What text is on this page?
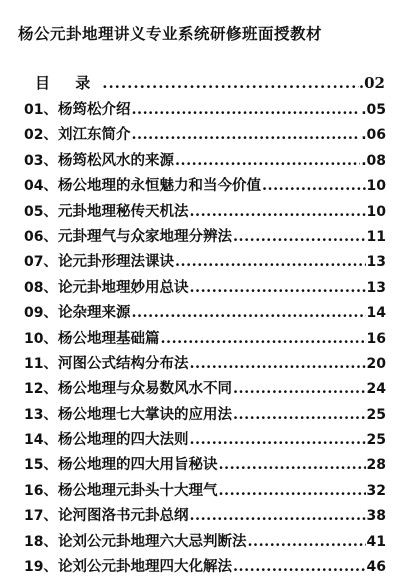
杨公元卦地理讲义专业系统研修班面授教材
目 录 .....	.02
01、 杨筠松介绍 .....	.05
02、 刘江东简介 .....	.06
03、 杨筠松风水的来源 .....	.08
04、 杨公地理的永恒魅力和当今价值 .....	10
05、 元卦地理秘传天机法 .....	10
06、 元卦理气与众家地理分辨法 .....	11
07、 论元卦形理法课诀 .....	13
08、 论元卦地理妙用总诀 .....	13
09、 论杂理来源 .....	14
10、 杨公地理基础篇 .....	16
11、 河图公式结构分布法 .....	20
12、 杨公地理与众易数风水不同 .....	24
13、 杨公地理七大掌诀的应用法 .....	25
14、 杨公地理的四大法则 .....	25
15、 杨公地理的四大用旨秘诀 .....	28
16、 杨公地理元卦头十大理气 .....	32
17、 论河图洛书元卦总纲 .....	38
18、 论刘公元卦地理六大忌判断法 .....	41
19、 论刘公元卦地理四大化解法 .....	46
